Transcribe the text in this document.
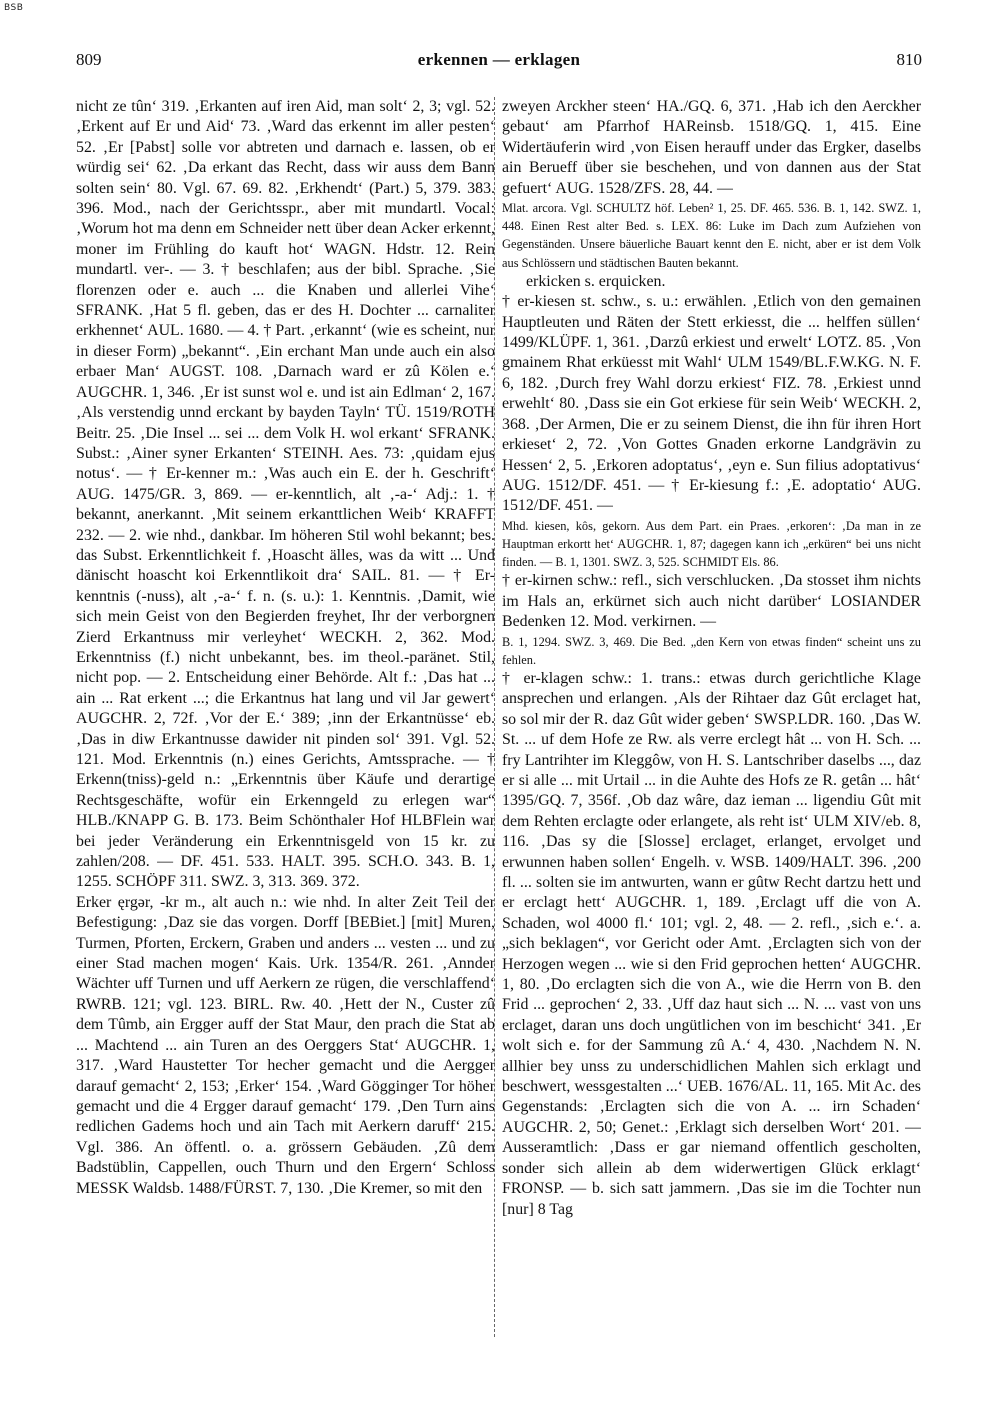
BSB
809	erkennen — erklagen	810

nicht ze tûn‘ 319. ‚Erkanten auf iren Aid, man solt‘ 2, 3; vgl. 52. ‚Erkent auf Er und Aid‘ 73. ‚Ward das erkennt im aller pesten‘ 52. ‚Er [Pabst] solle vor abtreten und darnach e. lassen, ob er würdig sei‘ 62. ‚Da erkant das Recht, dass wir auss dem Bann solten sein‘ 80. Vgl. 67. 69. 82. ‚Erkhendt‘ (Part.) 5, 379. 383. 396. Mod., nach der Gerichtsspr., aber mit mundartl. Vocal: ‚Worum hot ma denn em Schneider nett über dean Acker erkennt, moner im Frühling do kauft hot‘ WAGN. Hdstr. 12. Rein mundartl. ver-. — 3. † beschlafen; aus der bibl. Sprache. ‚Sie florenzen oder e. auch ... die Knaben und allerlei Vihe‘ SFRANK. ‚Hat 5 fl. geben, das er des H. Dochter ... carnaliter erkhennet‘ AUL. 1680. — 4. † Part. ‚erkannt‘ (wie es scheint, nur in dieser Form) „bekannt“. ‚Ein erchant Man unde auch ein also erbaer Man‘ AUGST. 108. ‚Darnach ward er zû Kölen e.‘ AUGCHR. 1, 346. ‚Er ist sunst wol e. und ist ain Edlman‘ 2, 167. ‚Als verstendig unnd erckant by bayden Tayln‘ TÜ. 1519/ROTH Beitr. 25. ‚Die Insel ... sei ... dem Volk H. wol erkant‘ SFRANK. Subst.: ‚Ainer syner Erkanten‘ STEINH. Aes. 73: ‚quidam ejus notus‘. — † Er-kenner m.: ‚Was auch ein E. der h. Geschrift‘ AUG. 1475/GR. 3, 869. — er-kenntlich, alt ‚-a-‘ Adj.: 1. † bekannt, anerkannt. ‚Mit seinem erkanttlichen Weib‘ KRAFFT 232. — 2. wie nhd., dankbar. Im höheren Stil wohl bekannt; bes. das Subst. Erkenntlichkeit f. ‚Hoascht älles, was da witt ... Und dänischt hoascht koi Erkenntlikoit dra‘ SAIL. 81. — † Er-kenntnis (-nuss), alt ‚-a-‘ f. n. (s. u.): 1. Kenntnis. ‚Damit, wie sich mein Geist von den Begierden freyhet, Ihr der verborgnen Zierd Erkantnuss mir verleyhet‘ WECKH. 2, 362. Mod. Erkenntniss (f.) nicht unbekannt, bes. im theol.-paränet. Stil, nicht pop. — 2. Entscheidung einer Behörde. Alt f.: ‚Das hat ... ain ... Rat erkent ...; die Erkantnus hat lang und vil Jar gewert‘ AUGCHR. 2, 72f. ‚Vor der E.‘ 389; ‚inn der Erkantnüsse‘ eb. ‚Das in diw Erkantnusse dawider nit pinden sol‘ 391. Vgl. 52. 121. Mod. Erkenntnis (n.) eines Gerichts, Amtssprache. — † Erkenn(tniss)-geld n.: „Erkenntnis über Käufe und derartige Rechtsgeschäfte, wofür ein Erkenngeld zu erlegen war“ HLB./KNAPP G. B. 173. Beim Schönthaler Hof HLBFlein war bei jeder Veränderung ein Erkenntnisgeld von 15 kr. zu zahlen/208. — DF. 451. 533. HALT. 395. SCH.O. 343. B. 1, 1255. SCHÖPF 311. SWZ. 3, 313. 369. 372.

Erker ęrgər, -kr m., alt auch n.: wie nhd. In alter Zeit Teil der Befestigung: ‚Daz sie das vorgen. Dorff [BEBiet.] [mit] Muren, Turmen, Pforten, Erckern, Graben und anders ... vesten ... und zu einer Stad machen mogen‘ Kais. Urk. 1354/R. 261. ‚Annder Wächter uff Turnen und uff Aerkern ze rügen, die verschlaffend‘ RWRB. 121; vgl. 123. BIRL. Rw. 40. ‚Hett der N., Custer zû dem Tûmb, ain Ergger auff der Stat Maur, den prach die Stat ab ... Machtend ... ain Turen an des Oerggers Stat‘ AUGCHR. 1, 317. ‚Ward Haustetter Tor hecher gemacht und die Aergger darauf gemacht‘ 2, 153; ‚Erker‘ 154. ‚Ward Gögginger Tor höher gemacht und die 4 Ergger darauf gemacht‘ 179. ‚Den Turn ains redlichen Gadems hoch und ain Tach mit Aerkern daruff‘ 215. Vgl. 386. An öffentl. o. a. grössern Gebäuden. ‚Zû dem Badstüblin, Cappellen, ouch Thurn und den Ergern‘ Schloss MESSK Waldsb. 1488/FÜRST. 7, 130. ‚Die Kremer, so mit den

zweyen Arckher steen‘ HA./GQ. 6, 371. ‚Hab ich den Aerckher gebaut‘ am Pfarrhof HAReinsb. 1518/GQ. 1, 415. Eine Widertäuferin wird ‚von Eisen herauff under das Ergker, daselbs ain Berueff über sie beschehen, und von dannen aus der Stat gefuert‘ AUG. 1528/ZFS. 28, 44. —

Mlat. arcora. Vgl. SCHULTZ höf. Leben² 1, 25. DF. 465. 536. B. 1, 142. SWZ. 1, 448. Einen Rest alter Bed. s. LEX. 86: Luke im Dach zum Aufziehen von Gegenständen. Unsere bäuerliche Bauart kennt den E. nicht, aber er ist dem Volk aus Schlössern und städtischen Bauten bekannt.

erkicken s. erquicken.

† er-kiesen st. schw., s. u.: erwählen. ‚Etlich von den gemainen Hauptleuten und Räten der Stett erkiesst, die ... helffen süllen‘ 1499/KLÜPF. 1, 361. ‚Darzû erkiest und erwelt‘ LOTZ. 85. ‚Von gmainem Rhat erküesst mit Wahl‘ ULM 1549/BL.F.W.KG. N. F. 6, 182. ‚Durch frey Wahl dorzu erkiest‘ FIZ. 78. ‚Erkiest unnd erwehlt‘ 80. ‚Dass sie ein Got erkiese für sein Weib‘ WECKH. 2, 368. ‚Der Armen, Die er zu seinem Dienst, die ihn für ihren Hort erkieset‘ 2, 72. ‚Von Gottes Gnaden erkorne Landgrävin zu Hessen‘ 2, 5. ‚Erkoren adoptatus‘, ‚eyn e. Sun filius adoptativus‘ AUG. 1512/DF. 451. — † Er-kiesung f.: ‚E. adoptatio‘ AUG. 1512/DF. 451. —

Mhd. kiesen, kôs, gekorn. Aus dem Part. ein Praes. ‚erkoren‘: ‚Da man in ze Hauptman erkortt het‘ AUGCHR. 1, 87; dagegen kann ich „erküren“ bei uns nicht finden. — B. 1, 1301. SWZ. 3, 525. SCHMIDT Els. 86.

† er-kirnen schw.: refl., sich verschlucken. ‚Da stosset ihm nichts im Hals an, erkürnet sich auch nicht darüber‘ LOSIANDER Bedenken 12. Mod. verkirnen. —

B. 1, 1294. SWZ. 3, 469. Die Bed. „den Kern von etwas finden“ scheint uns zu fehlen.

† er-klagen schw.: 1. trans.: etwas durch gerichtliche Klage ansprechen und erlangen. ‚Als der Rihtaer daz Gût erclaget hat, so sol mir der R. daz Gût wider geben‘ SWSP.LDR. 160. ‚Das W. St. ... uf dem Hofe ze Rw. als verre erclegt hât ... von H. Sch. ... fry Lantrihter im Kleggôw, von H. S. Lantschriber daselbs ..., daz er si alle ... mit Urtail ... in die Auhte des Hofs ze R. getân ... hât‘ 1395/GQ. 7, 356f. ‚Ob daz wâre, daz ieman ... ligendiu Gût mit dem Rehten erclagte oder erlangete, als reht ist‘ ULM XIV/eb. 8, 116. ‚Das sy die [Slosse] erclaget, erlanget, ervolget und erwunnen haben sollen‘ Engelh. v. WSB. 1409/HALT. 396. ‚200 fl. ... solten sie im antwurten, wann er gûtw Recht dartzu hett und er erclagt hett‘ AUGCHR. 1, 189. ‚Erclagt uff die von A. Schaden, wol 4000 fl.‘ 101; vgl. 2, 48. — 2. refl., ‚sich e.‘. a. „sich beklagen“, vor Gericht oder Amt. ‚Erclagten sich von der Herzogen wegen ... wie si den Frid geprochen hetten‘ AUGCHR. 1, 80. ‚Do erclagten sich die von A., wie die Herrn von B. den Frid ... geprochen‘ 2, 33. ‚Uff daz haut sich ... N. ... vast von uns erclaget, daran uns doch ungütlichen von im beschicht‘ 341. ‚Er wolt sich e. for der Sammung zû A.‘ 4, 430. ‚Nachdem N. N. allhier bey unss zu underschidlichen Mahlen sich erklagt und beschwert, wessgestalten ...‘ UEB. 1676/AL. 11, 165. Mit Ac. des Gegenstands: ‚Erclagten sich die von A. ... irn Schaden‘ AUGCHR. 2, 50; Genet.: ‚Erklagt sich derselben Wort‘ 201. — Ausseramtlich: ‚Dass er gar niemand offentlich gescholten, sonder sich allein ab dem widerwertigen Glück erklagt‘ FRONSP. — b. sich satt jammern. ‚Das sie im die Tochter nun [nur] 8 Tag
